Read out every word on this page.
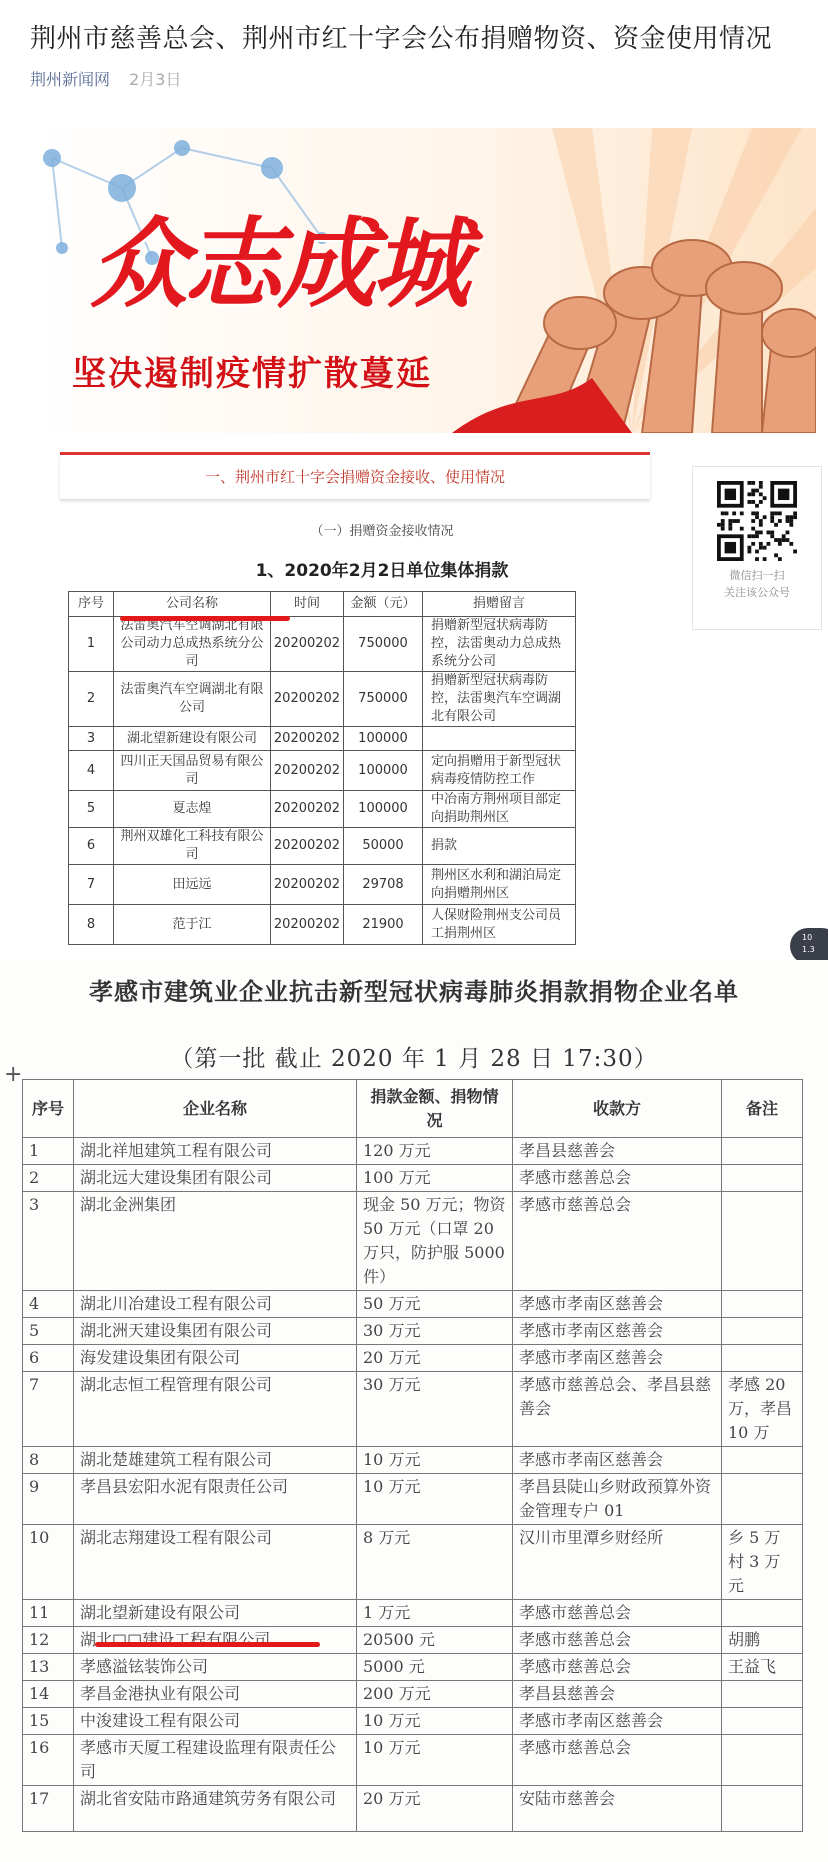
荆州市慈善总会、荆州市红十字会公布捐赠物资、资金使用情况
荆州新闻网 2月3日
众志成城
坚决遏制疫情扩散蔓延
一、荆州市红十字会捐赠资金接收、使用情况
（一）捐赠资金接收情况
1、2020年2月2日单位集体捐款
序号	公司名称	时间	金额（元）	捐赠留言
1	法雷奥汽车空调湖北有限公司动力总成热系统分公司	20200202	750000	捐赠新型冠状病毒防控，法雷奥动力总成热系统分公司
2	法雷奥汽车空调湖北有限公司	20200202	750000	捐赠新型冠状病毒防控，法雷奥汽车空调湖北有限公司
3	湖北望新建设有限公司	20200202	100000	
4	四川正天国品贸易有限公司	20200202	100000	定向捐赠用于新型冠状病毒疫情防控工作
5	夏志煌	20200202	100000	中冶南方荆州项目部定向捐助荆州区
6	荆州双雄化工科技有限公司	20200202	50000	捐款
7	田远远	20200202	29708	荆州区水利和湖泊局定向捐赠荆州区
8	范于江	20200202	21900	人保财险荆州支公司员工捐荆州区
微信扫一扫
关注该公众号
10
1.3
孝感市建筑业企业抗击新型冠状病毒肺炎捐款捐物企业名单
（第一批 截止 2020 年 1 月 28 日 17:30）
+
序号	企业名称	捐款金额、捐物情况	收款方	备注
1	湖北祥旭建筑工程有限公司	120 万元	孝昌县慈善会	
2	湖北远大建设集团有限公司	100 万元	孝感市慈善总会	
3	湖北金洲集团	现金 50 万元；物资 50 万元（口罩 20 万只，防护服 5000 件）	孝感市慈善总会	
4	湖北川冶建设工程有限公司	50 万元	孝感市孝南区慈善会	
5	湖北洲天建设集团有限公司	30 万元	孝感市孝南区慈善会	
6	海发建设集团有限公司	20 万元	孝感市孝南区慈善会	
7	湖北志恒工程管理有限公司	30 万元	孝感市慈善总会、孝昌县慈善会	孝感 20 万，孝昌 10 万
8	湖北楚雄建筑工程有限公司	10 万元	孝感市孝南区慈善会	
9	孝昌县宏阳水泥有限责任公司	10 万元	孝昌县陡山乡财政预算外资金管理专户 01	
10	湖北志翔建设工程有限公司	8 万元	汉川市里潭乡财经所	乡 5 万 村 3 万元
11	湖北望新建设有限公司	1 万元	孝感市慈善总会	
12	湖北□□建设工程有限公司	20500 元	孝感市慈善总会	胡鹏
13	孝感溢铉装饰公司	5000 元	孝感市慈善总会	王益飞
14	孝昌金港执业有限公司	200 万元	孝昌县慈善会	
15	中浚建设工程有限公司	10 万元	孝感市孝南区慈善会	
16	孝感市天厦工程建设监理有限责任公司	10 万元	孝感市慈善总会	
17	湖北省安陆市路通建筑劳务有限公司	20 万元	安陆市慈善会	
